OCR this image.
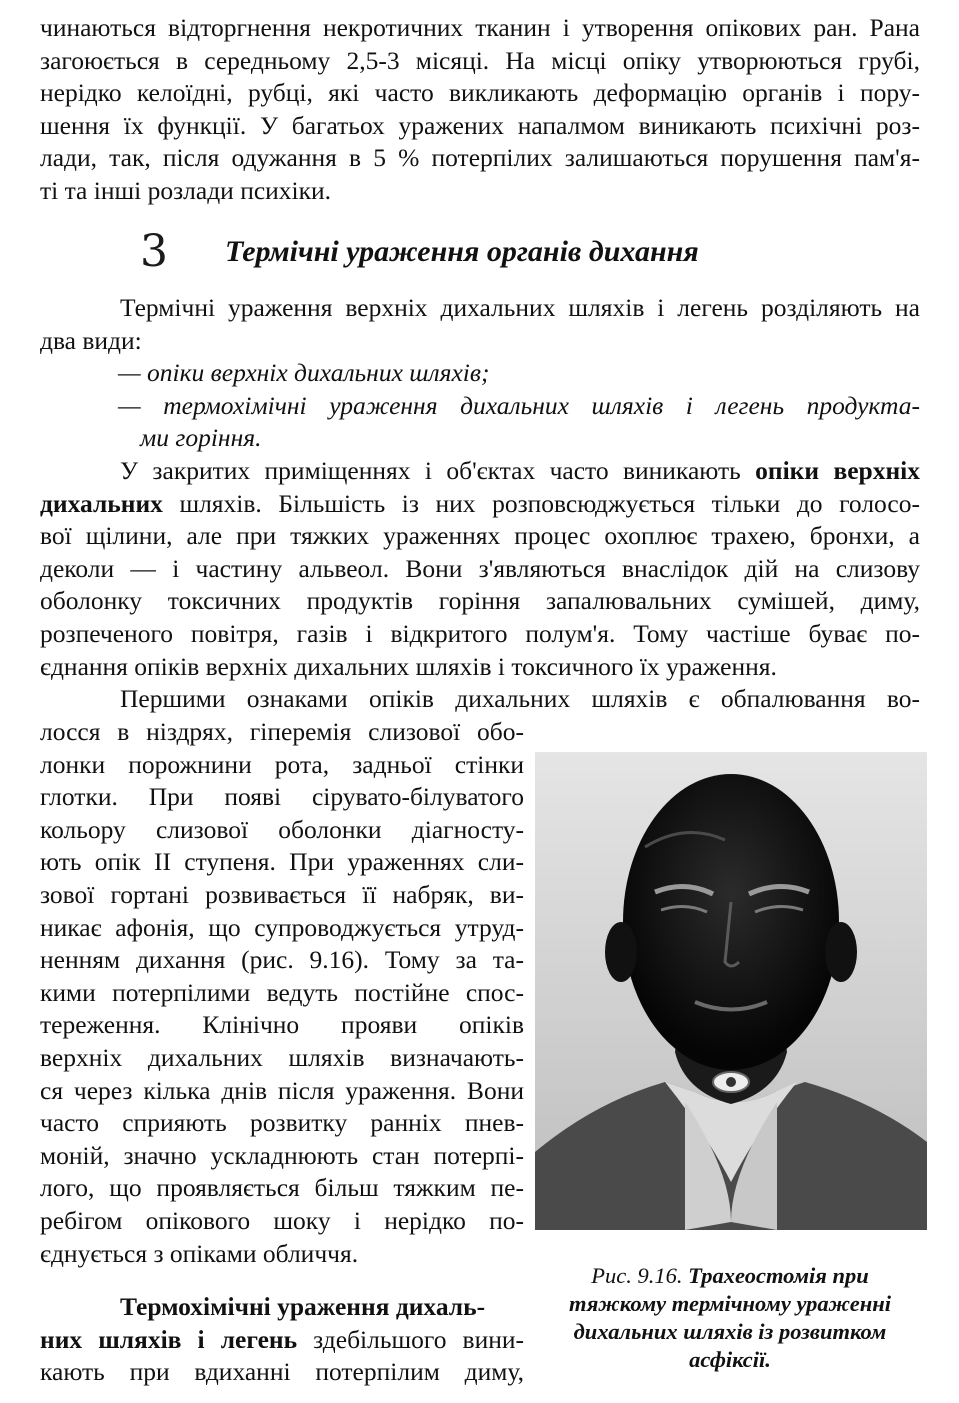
чинаються відторгнення некротичних тканин і утворення опікових ран. Рана
загоюється в середньому 2,5-3 місяці. На місці опіку утворюються грубі,
нерідко келоїдні, рубці, які часто викликають деформацію органів і пору-
шення їх функції. У багатьох уражених напалмом виникають психічні роз-
лади, так, після одужання в 5 % потерпілих залишаються порушення пам'я-
ті та інші розлади психіки.
3 Термічні ураження органів дихання
Термічні ураження верхніх дихальних шляхів і легень розділяють на
два види:
— опіки верхніх дихальних шляхів;
— термохімічні ураження дихальних шляхів і легень продукта-
ми горіння.
У закритих приміщеннях і об'єктах часто виникають опіки верхніх
дихальних шляхів. Більшість із них розповсюджується тільки до голосо-
вої щілини, але при тяжких ураженнях процес охоплює трахею, бронхи, а
деколи — і частину альвеол. Вони з'являються внаслідок дій на слизову
оболонку токсичних продуктів горіння запалювальних сумішей, диму,
розпеченого повітря, газів і відкритого полум'я. Тому частіше буває по-
єднання опіків верхніх дихальних шляхів і токсичного їх ураження.
Першими ознаками опіків дихальних шляхів є обпалювання во-
лосся в ніздрях, гіперемія слизової обо-
лонки порожнини рота, задньої стінки
глотки. При появі сірувато-білуватого
кольору слизової оболонки діагносту-
ють опік II ступеня. При ураженнях сли-
зової гортані розвивається її набряк, ви-
никає афонія, що супроводжується утруд-
ненням дихання (рис. 9.16). Тому за та-
кими потерпілими ведуть постійне спос-
тереження. Клінічно прояви опіків
верхніх дихальних шляхів визначають-
ся через кілька днів після ураження. Вони
часто сприяють розвитку ранніх пнев-
моній, значно ускладнюють стан потерпі-
лого, що проявляється більш тяжким пе-
ребігом опікового шоку і нерідко по-
єднується з опіками обличчя.
Термохімічні ураження дихаль-
них шляхів і легень здебільшого вини-
кають при вдиханні потерпілим диму,
Рис. 9.16. Трахеостомія при тяжкому термічному ураженні дихальних шляхів із розвитком асфіксії.
